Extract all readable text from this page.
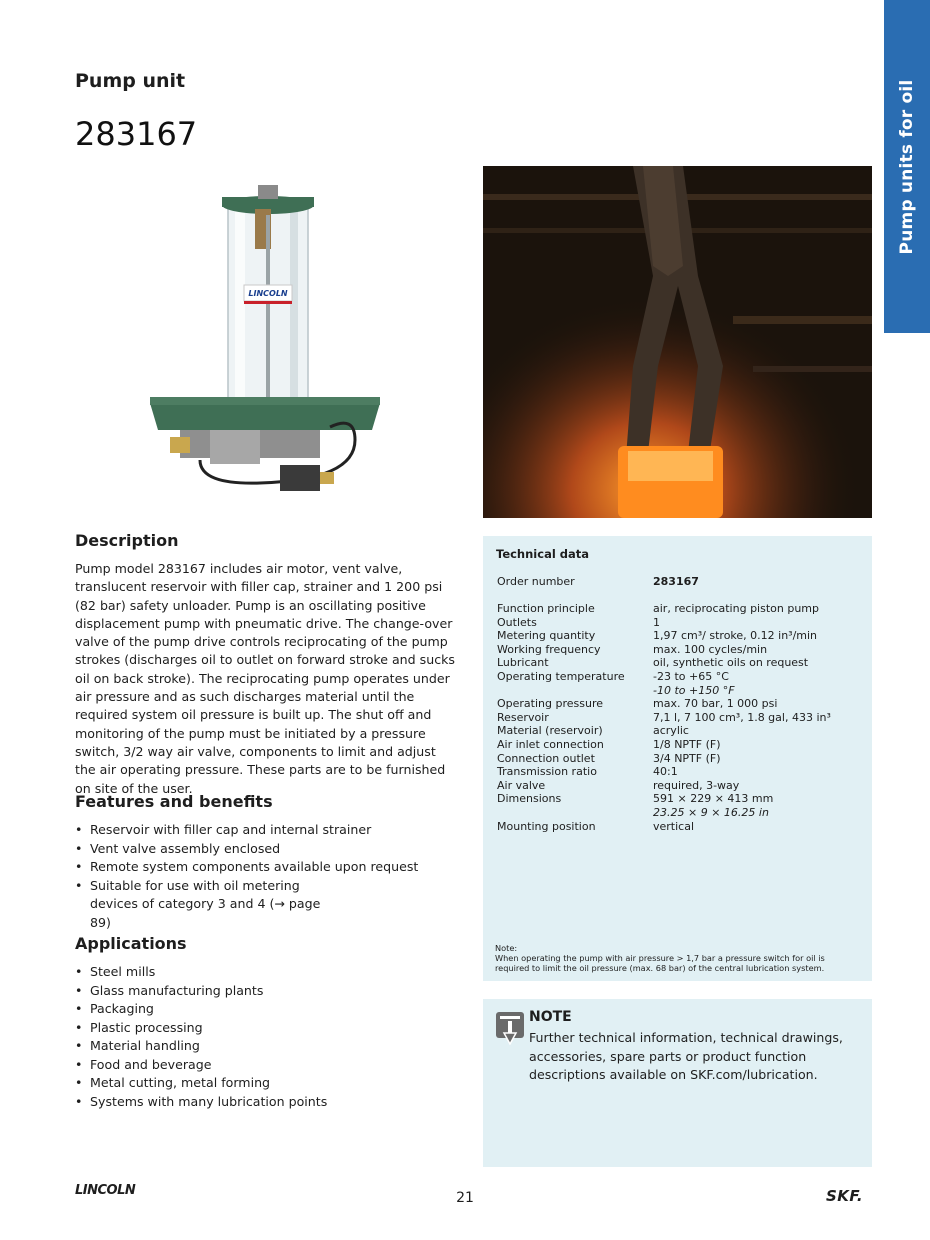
Pump units for oil
Pump unit
283167
LINCOLN
Description
Pump model 283167 includes air motor, vent valve, translucent reservoir with filler cap, strainer and 1 200 psi (82 bar) safety unloader. Pump is an oscillating positive displacement pump with pneumatic drive. The change-over valve of the pump drive controls reciprocating of the pump strokes (discharges oil to outlet on forward stroke and sucks oil on back stroke). The reciprocating pump operates under air pressure and as such discharges material until the required system oil pressure is built up. The shut off and monitoring of the pump must be initiated by a pressure switch, 3/2 way air valve, components to limit and adjust the air operating pressure. These parts are to be furnished on site of the user.
Features and benefits
• Reservoir with filler cap and internal strainer
• Vent valve assembly enclosed
• Remote system components available upon request
• Suitable for use with oil metering devices of category 3 and 4 (→ page 89)
Applications
• Steel mills
• Glass manufacturing plants
• Packaging
• Plastic processing
• Material handling
• Food and beverage
• Metal cutting, metal forming
• Systems with many lubrication points
Technical data
Order number	283167
Function principle	air, reciprocating piston pump
Outlets	1
Metering quantity	1,97 cm³/ stroke, 0.12 in³/min
Working frequency	max. 100 cycles/min
Lubricant	oil, synthetic oils on request
Operating temperature	-23 to +65 °C
-10 to +150 °F
Operating pressure	max. 70 bar, 1 000 psi
Reservoir	7,1 l, 7 100 cm³, 1.8 gal, 433 in³
Material (reservoir)	acrylic
Air inlet connection	1/8 NPTF (F)
Connection outlet	3/4 NPTF (F)
Transmission ratio	40:1
Air valve	required, 3-way
Dimensions	591 × 229 × 413 mm
23.25 × 9 × 16.25 in
Mounting position	vertical
Note:
When operating the pump with air pressure > 1,7 bar a pressure switch for oil is required to limit the oil pressure (max. 68 bar) of the central lubrication system.
NOTE
Further technical information, technical drawings, accessories, spare parts or product function descriptions available on SKF.com/lubrication.
LINCOLN	21	SKF.
